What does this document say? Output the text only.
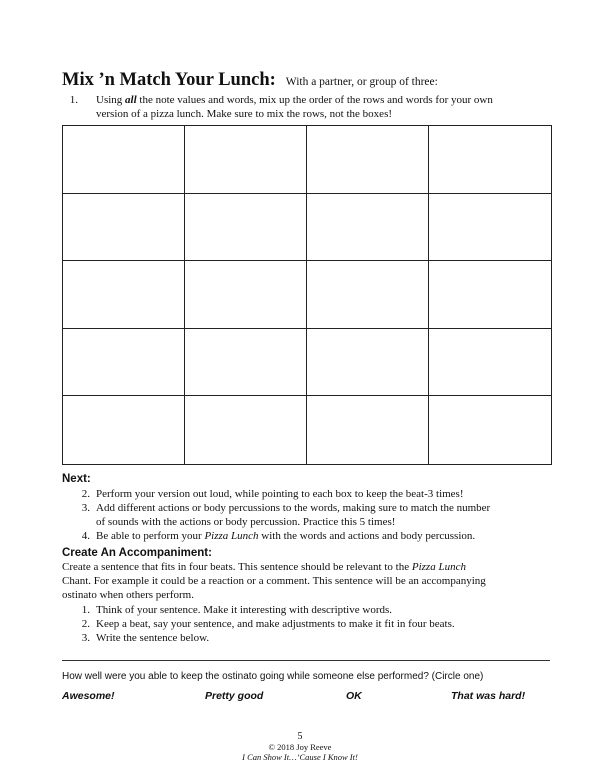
Mix ’n Match Your Lunch: With a partner, or group of three:
1. Using all the note values and words, mix up the order of the rows and words for your own
version of a pizza lunch. Make sure to mix the rows, not the boxes!
Next:
2. Perform your version out loud, while pointing to each box to keep the beat-3 times!
3. Add different actions or body percussions to the words, making sure to match the number
of sounds with the actions or body percussion. Practice this 5 times!
4. Be able to perform your Pizza Lunch with the words and actions and body percussion.
Create An Accompaniment:
Create a sentence that fits in four beats. This sentence should be relevant to the Pizza Lunch
Chant. For example it could be a reaction or a comment. This sentence will be an accompanying
ostinato when others perform.
1. Think of your sentence. Make it interesting with descriptive words.
2. Keep a beat, say your sentence, and make adjustments to make it fit in four beats.
3. Write the sentence below.
How well were you able to keep the ostinato going while someone else performed? (Circle one)
Awesome!	Pretty good	OK	That was hard!
5
© 2018 Joy Reeve
I Can Show It…’Cause I Know It!
